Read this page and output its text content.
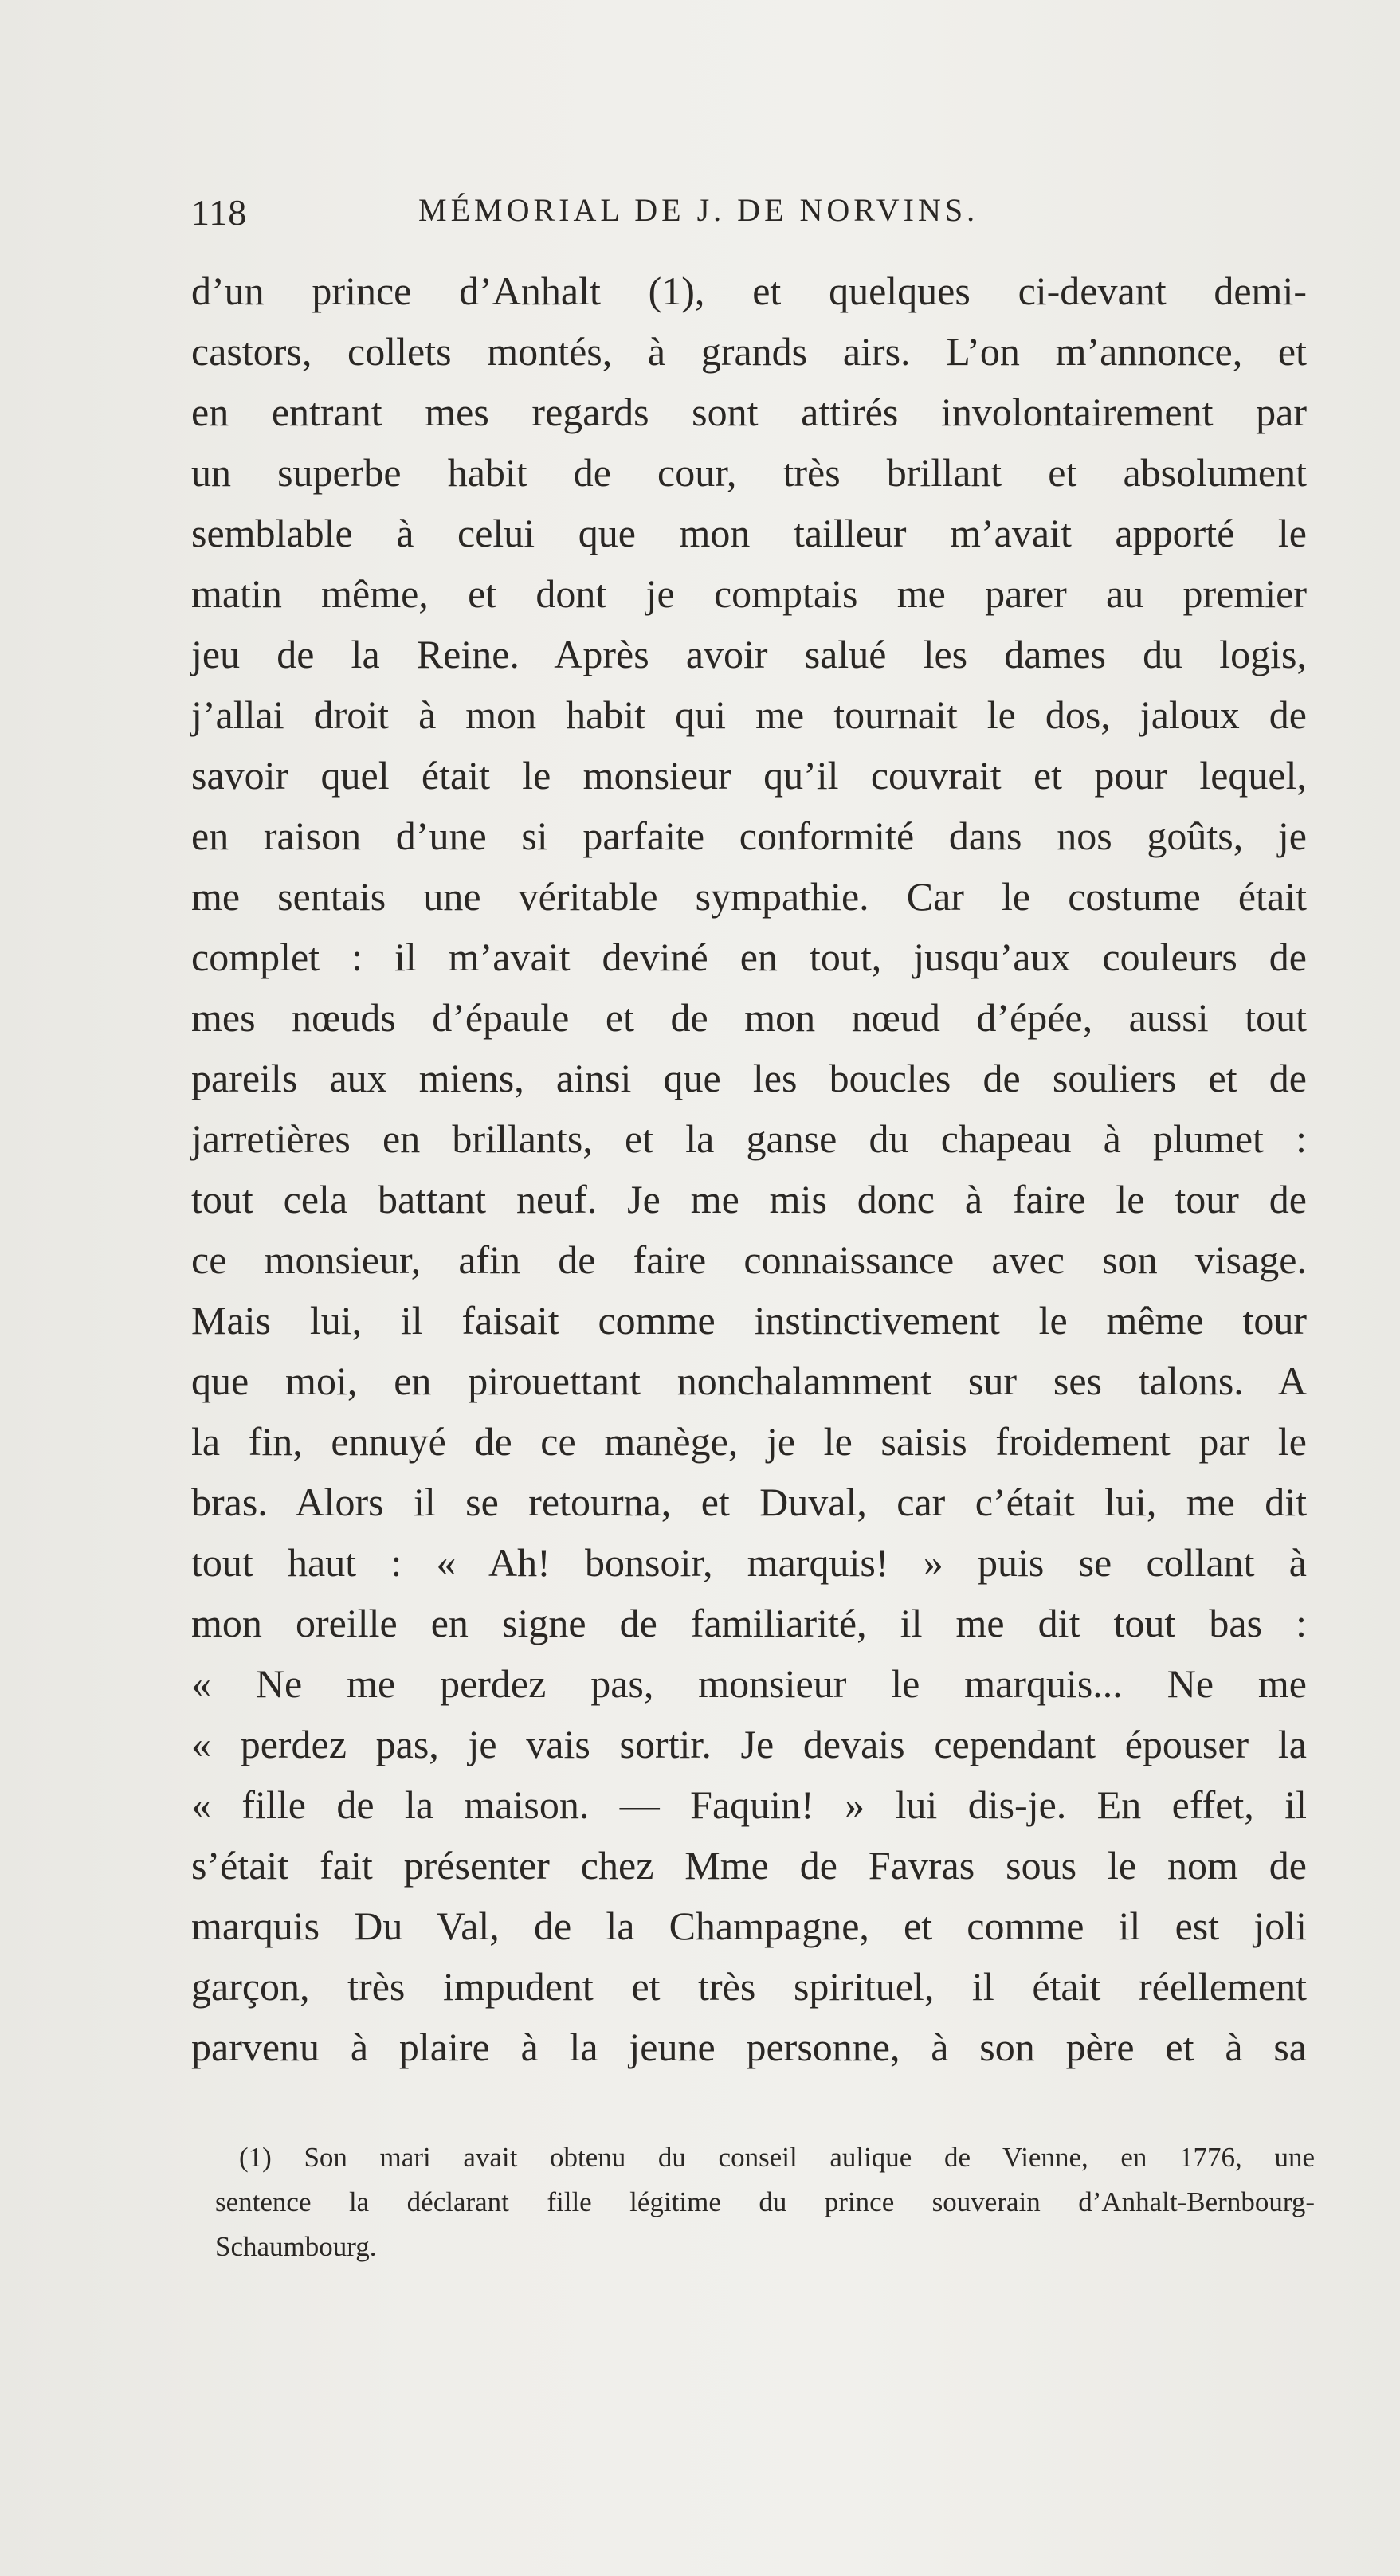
118	MÉMORIAL DE J. DE NORVINS.
d’un prince d’Anhalt (1), et quelques ci-devant demi-
castors, collets montés, à grands airs. L’on m’annonce, et
en entrant mes regards sont attirés involontairement par
un superbe habit de cour, très brillant et absolument
semblable à celui que mon tailleur m’avait apporté le
matin même, et dont je comptais me parer au premier
jeu de la Reine. Après avoir salué les dames du logis,
j’allai droit à mon habit qui me tournait le dos, jaloux de
savoir quel était le monsieur qu’il couvrait et pour lequel,
en raison d’une si parfaite conformité dans nos goûts, je
me sentais une véritable sympathie. Car le costume était
complet : il m’avait deviné en tout, jusqu’aux couleurs de
mes nœuds d’épaule et de mon nœud d’épée, aussi tout
pareils aux miens, ainsi que les boucles de souliers et de
jarretières en brillants, et la ganse du chapeau à plumet :
tout cela battant neuf. Je me mis donc à faire le tour de
ce monsieur, afin de faire connaissance avec son visage.
Mais lui, il faisait comme instinctivement le même tour
que moi, en pirouettant nonchalamment sur ses talons. A
la fin, ennuyé de ce manège, je le saisis froidement par le
bras. Alors il se retourna, et Duval, car c’était lui, me dit
tout haut : « Ah! bonsoir, marquis! » puis se collant à
mon oreille en signe de familiarité, il me dit tout bas :
« Ne me perdez pas, monsieur le marquis... Ne me
« perdez pas, je vais sortir. Je devais cependant épouser la
« fille de la maison. — Faquin! » lui dis-je. En effet, il
s’était fait présenter chez Mme de Favras sous le nom de
marquis Du Val, de la Champagne, et comme il est joli
garçon, très impudent et très spirituel, il était réellement
parvenu à plaire à la jeune personne, à son père et à sa
(1) Son mari avait obtenu du conseil aulique de Vienne, en 1776, une
sentence la déclarant fille légitime du prince souverain d’Anhalt-Bernbourg-
Schaumbourg.
